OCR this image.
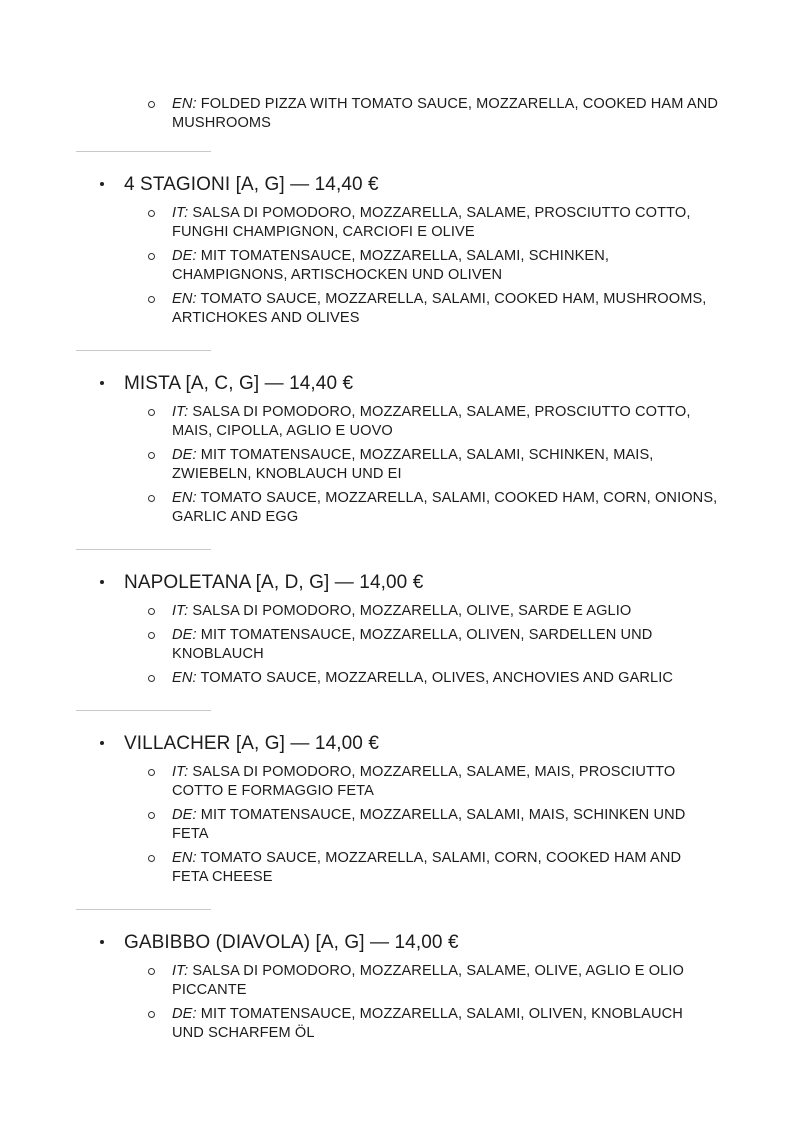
EN: FOLDED PIZZA WITH TOMATO SAUCE, MOZZARELLA, COOKED HAM AND MUSHROOMS
4 STAGIONI [A, G] — 14,40 €
IT: SALSA DI POMODORO, MOZZARELLA, SALAME, PROSCIUTTO COTTO, FUNGHI CHAMPIGNON, CARCIOFI E OLIVE
DE: MIT TOMATENSAUCE, MOZZARELLA, SALAMI, SCHINKEN, CHAMPIGNONS, ARTISCHOCKEN UND OLIVEN
EN: TOMATO SAUCE, MOZZARELLA, SALAMI, COOKED HAM, MUSHROOMS, ARTICHOKES AND OLIVES
MISTA [A, C, G] — 14,40 €
IT: SALSA DI POMODORO, MOZZARELLA, SALAME, PROSCIUTTO COTTO, MAIS, CIPOLLA, AGLIO E UOVO
DE: MIT TOMATENSAUCE, MOZZARELLA, SALAMI, SCHINKEN, MAIS, ZWIEBELN, KNOBLAUCH UND EI
EN: TOMATO SAUCE, MOZZARELLA, SALAMI, COOKED HAM, CORN, ONIONS, GARLIC AND EGG
NAPOLETANA [A, D, G] — 14,00 €
IT: SALSA DI POMODORO, MOZZARELLA, OLIVE, SARDE E AGLIO
DE: MIT TOMATENSAUCE, MOZZARELLA, OLIVEN, SARDELLEN UND KNOBLAUCH
EN: TOMATO SAUCE, MOZZARELLA, OLIVES, ANCHOVIES AND GARLIC
VILLACHER [A, G] — 14,00 €
IT: SALSA DI POMODORO, MOZZARELLA, SALAME, MAIS, PROSCIUTTO COTTO E FORMAGGIO FETA
DE: MIT TOMATENSAUCE, MOZZARELLA, SALAMI, MAIS, SCHINKEN UND FETA
EN: TOMATO SAUCE, MOZZARELLA, SALAMI, CORN, COOKED HAM AND FETA CHEESE
GABIBBO (DIAVOLA) [A, G] — 14,00 €
IT: SALSA DI POMODORO, MOZZARELLA, SALAME, OLIVE, AGLIO E OLIO PICCANTE
DE: MIT TOMATENSAUCE, MOZZARELLA, SALAMI, OLIVEN, KNOBLAUCH UND SCHARFEM ÖL
